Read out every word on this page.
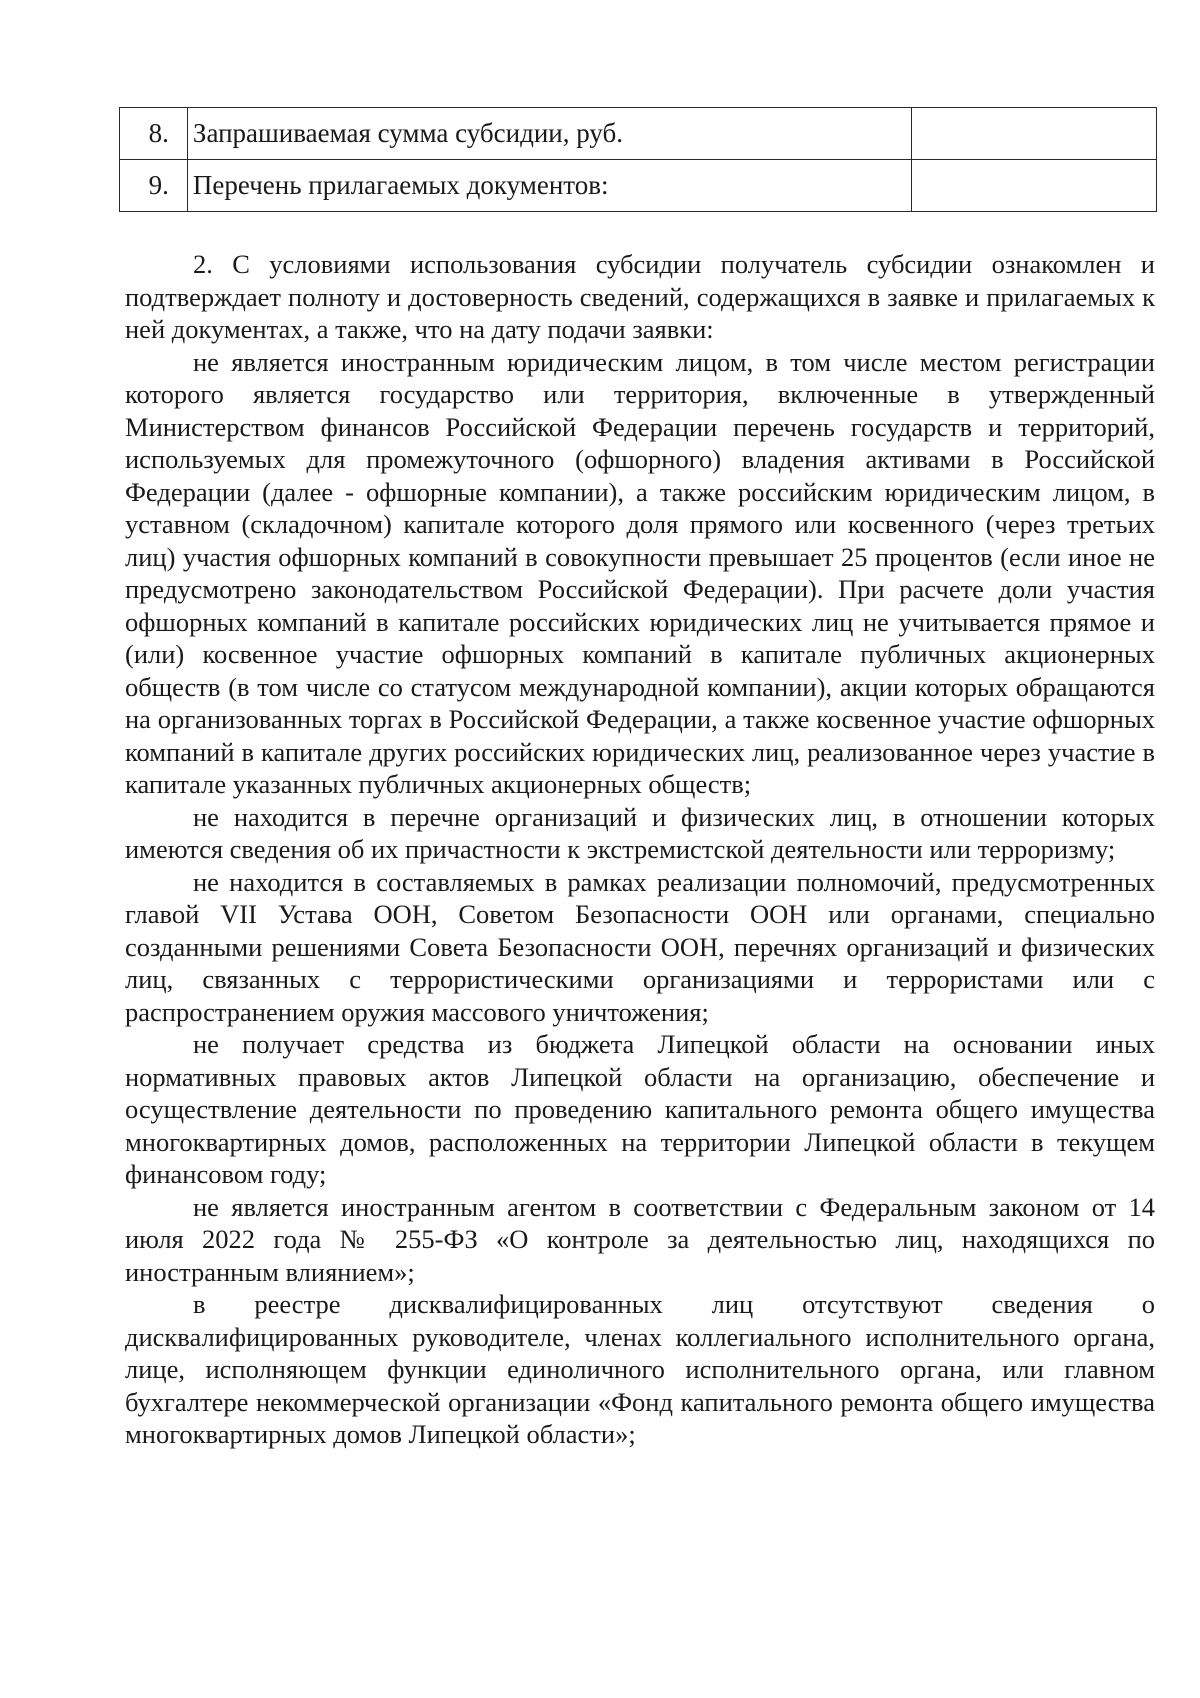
8.	Запрашиваемая сумма субсидии, руб.	
9.	Перечень прилагаемых документов:	

2. С условиями использования субсидии получатель субсидии ознакомлен и подтверждает полноту и достоверность сведений, содержащихся в заявке и прилагаемых к ней документах, а также, что на дату подачи заявки:

не является иностранным юридическим лицом, в том числе местом регистрации которого является государство или территория, включенные в утвержденный Министерством финансов Российской Федерации перечень государств и территорий, используемых для промежуточного (офшорного) владения активами в Российской Федерации (далее - офшорные компании), а также российским юридическим лицом, в уставном (складочном) капитале которого доля прямого или косвенного (через третьих лиц) участия офшорных компаний в совокупности превышает 25 процентов (если иное не предусмотрено законодательством Российской Федерации). При расчете доли участия офшорных компаний в капитале российских юридических лиц не учитывается прямое и (или) косвенное участие офшорных компаний в капитале публичных акционерных обществ (в том числе со статусом международной компании), акции которых обращаются на организованных торгах в Российской Федерации, а также косвенное участие офшорных компаний в капитале других российских юридических лиц, реализованное через участие в капитале указанных публичных акционерных обществ;

не находится в перечне организаций и физических лиц, в отношении которых имеются сведения об их причастности к экстремистской деятельности или терроризму;

не находится в составляемых в рамках реализации полномочий, предусмотренных главой VII Устава ООН, Советом Безопасности ООН или органами, специально созданными решениями Совета Безопасности ООН, перечнях организаций и физических лиц, связанных с террористическими организациями и террористами или с распространением оружия массового уничтожения;

не получает средства из бюджета Липецкой области на основании иных нормативных правовых актов Липецкой области на организацию, обеспечение и осуществление деятельности по проведению капитального ремонта общего имущества многоквартирных домов, расположенных на территории Липецкой области в текущем финансовом году;

не является иностранным агентом в соответствии с Федеральным законом от 14 июля 2022 года № 255-ФЗ «О контроле за деятельностью лиц, находящихся по иностранным влиянием»;

в реестре дисквалифицированных лиц отсутствуют сведения о дисквалифицированных руководителе, членах коллегиального исполнительного органа, лице, исполняющем функции единоличного исполнительного органа, или главном бухгалтере некоммерческой организации «Фонд капитального ремонта общего имущества многоквартирных домов Липецкой области»;
